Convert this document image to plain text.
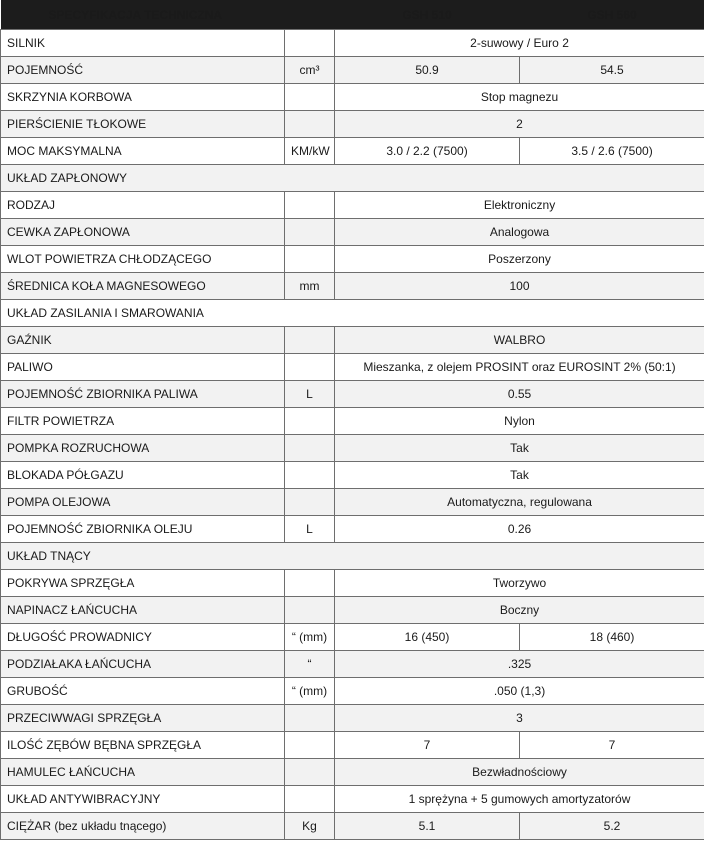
SPECYFIKACJA TECHNICZNA		GSH 510	GSH 560
SILNIK		2-suwowy / Euro 2	
POJEMNOŚĆ	cm³	50.9	54.5
SKRZYNIA KORBOWA		Stop magnezu	
PIERŚCIENIE TŁOKOWE		2	
MOC MAKSYMALNA	KM/kW	3.0 / 2.2 (7500)	3.5 / 2.6 (7500)
UKŁAD ZAPŁONOWY			
RODZAJ		Elektroniczny	
CEWKA ZAPŁONOWA		Analogowa	
WLOT POWIETRZA CHŁODZĄCEGO		Poszerzony	
ŚREDNICA KOŁA MAGNESOWEGO	mm	100	
UKŁAD ZASILANIA I SMAROWANIA			
GAŹNIK		WALBRO	
PALIWO		Mieszanka, z olejem PROSINT oraz EUROSINT 2% (50:1)	
POJEMNOŚĆ ZBIORNIKA PALIWA	L	0.55	
FILTR POWIETRZA		Nylon	
POMPKA ROZRUCHOWA		Tak	
BLOKADA PÓŁGAZU		Tak	
POMPA OLEJOWA		Automatyczna, regulowana	
POJEMNOŚĆ ZBIORNIKA OLEJU	L	0.26	
UKŁAD TNĄCY			
POKRYWA SPRZĘGŁA		Tworzywo	
NAPINACZ ŁAŃCUCHA		Boczny	
DŁUGOŚĆ PROWADNICY	“ (mm)	16 (450)	18 (460)
PODZIAŁAKA ŁAŃCUCHA	“	.325	
GRUBOŚĆ	“ (mm)	.050 (1,3)	
PRZECIWWAGI SPRZĘGŁA		3	
ILOŚĆ ZĘBÓW BĘBNA SPRZĘGŁA		7	7
HAMULEC ŁAŃCUCHA		Bezwładnościowy	
UKŁAD ANTYWIBRACYJNY		1 sprężyna + 5 gumowych amortyzatorów	
CIĘŻAR (bez układu tnącego)	Kg	5.1	5.2
